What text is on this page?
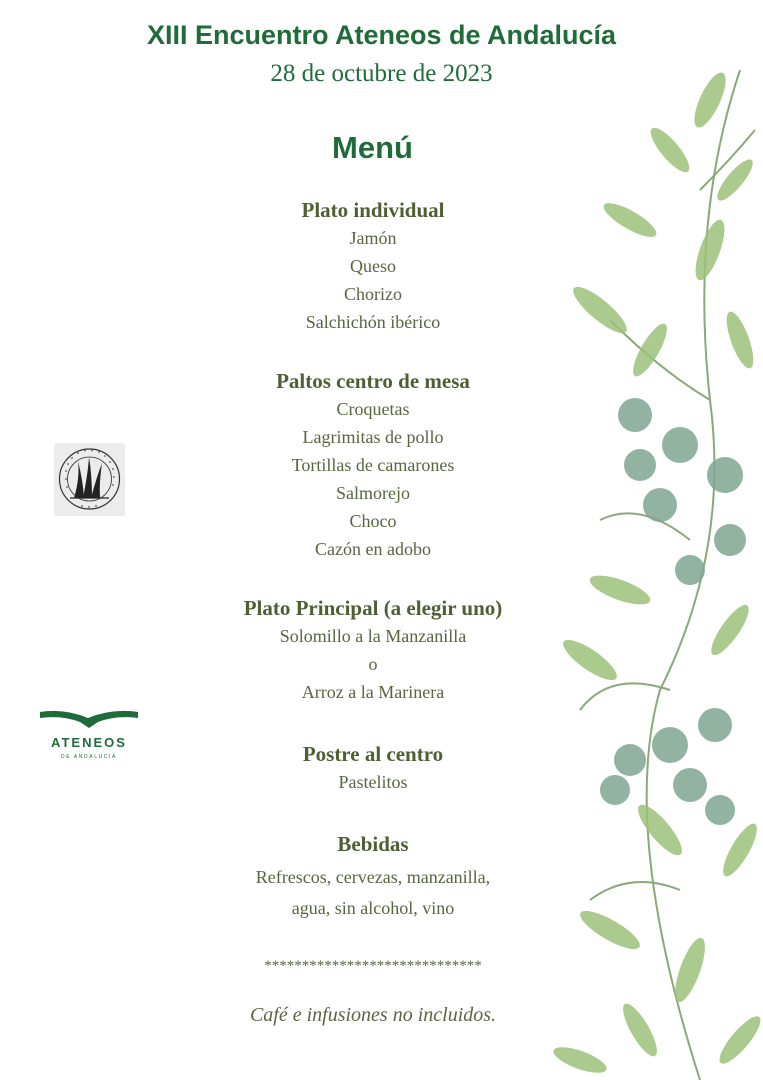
XIII Encuentro Ateneos de Andalucía
28 de octubre de 2023
Menú
Plato individual
Jamón
Queso
Chorizo
Salchichón ibérico
Paltos centro de mesa
Croquetas
Lagrimitas de pollo
Tortillas de camarones
Salmorejo
Choco
Cazón en adobo
Plato Principal (a elegir uno)
Solomillo a la Manzanilla
o
Arroz a la Marinera
Postre al centro
Pastelitos
Bebidas
Refrescos, cervezas, manzanilla,
agua, sin alcohol, vino
*****************************
Café e infusiones no incluidos.
ATENEOS
DE ANDALUCÍA
